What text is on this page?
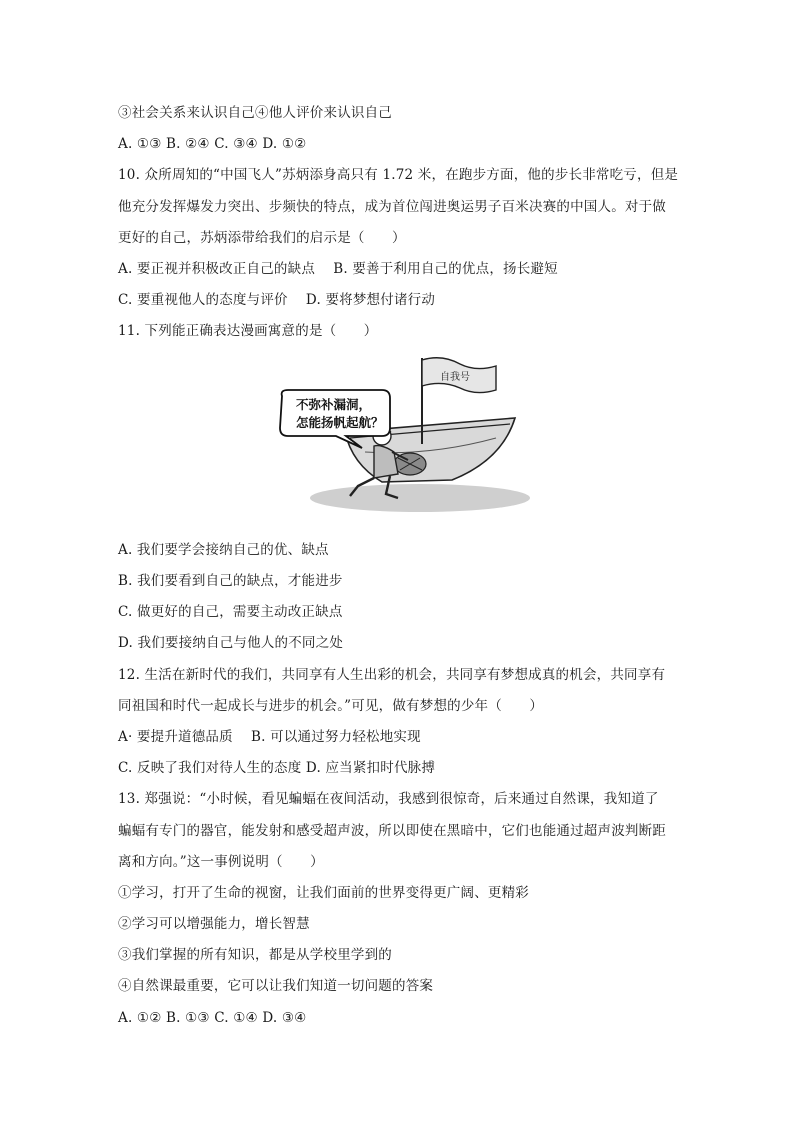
③社会关系来认识自己④他人评价来认识自己
A. ①③ B. ②④ C. ③④ D. ①②
10. 众所周知的“中国飞人”苏炳添身高只有 1.72 米，在跑步方面，他的步长非常吃亏，但是
他充分发挥爆发力突出、步频快的特点，成为首位闯进奥运男子百米决赛的中国人。对于做
更好的自己，苏炳添带给我们的启示是（　　）
A. 要正视并积极改正自己的缺点　 B. 要善于利用自己的优点，扬长避短
C. 要重视他人的态度与评价　 D. 要将梦想付诸行动
11. 下列能正确表达漫画寓意的是（　　）
自我号
不弥补漏洞，
怎能扬帆起航？
A. 我们要学会接纳自己的优、缺点
B. 我们要看到自己的缺点，才能进步
C. 做更好的自己，需要主动改正缺点
D. 我们要接纳自己与他人的不同之处
12. 生活在新时代的我们，共同享有人生出彩的机会，共同享有梦想成真的机会，共同享有
同祖国和时代一起成长与进步的机会。”可见，做有梦想的少年（　　）
A· 要提升道德品质　 B. 可以通过努力轻松地实现
C. 反映了我们对待人生的态度 D. 应当紧扣时代脉搏
13. 郑强说：“小时候，看见蝙蝠在夜间活动，我感到很惊奇，后来通过自然课，我知道了
蝙蝠有专门的器官，能发射和感受超声波，所以即使在黑暗中，它们也能通过超声波判断距
离和方向。”这一事例说明（　　）
①学习，打开了生命的视窗，让我们面前的世界变得更广阔、更精彩
②学习可以增强能力，增长智慧
③我们掌握的所有知识，都是从学校里学到的
④自然课最重要，它可以让我们知道一切问题的答案
A. ①② B. ①③ C. ①④ D. ③④
